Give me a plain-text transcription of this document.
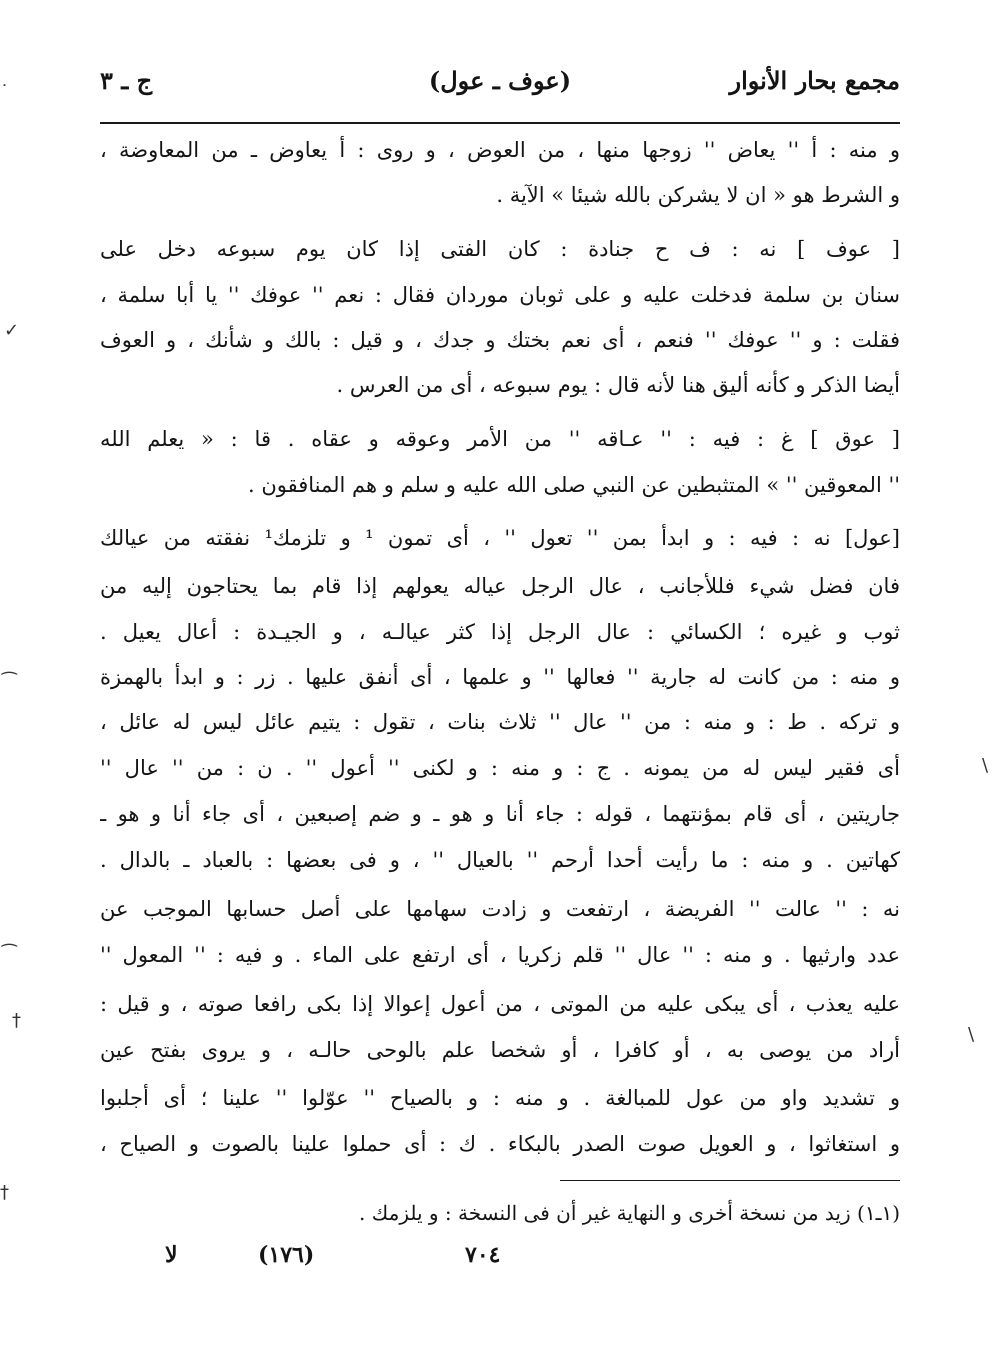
مجمع بحار الأنوار
(عوف ـ عول)
ج ـ ٣
و منه : أ '' يعاض '' زوجها منها ، من العوض ، و روى : أ يعاوض ـ من المعاوضة ،
و الشرط هو « ان لا يشركن بالله شيئا » الآية .
[ عوف ] نه : ف ح جنادة : كان الفتى إذا كان يوم سبوعه دخل على
سنان بن سلمة فدخلت عليه و على ثوبان موردان فقال : نعم '' عوفك '' يا أبا سلمة ،
فقلت : و '' عوفك '' فنعم ، أى نعم بختك و جدك ، و قيل : بالك و شأنك ، و العوف
أيضا الذكر و كأنه أليق هنا لأنه قال : يوم سبوعه ، أى من العرس .
[ عوق ] غ : فيه : '' عـاقه '' من الأمر وعوقه و عقاه . قا : « يعلم الله
'' المعوقين '' » المتثبطين عن النبي صلى الله عليه و سلم و هم المنافقون .
[عول] نه : فيه : و ابدأ بمن '' تعول '' ، أى تمون ¹ و تلزمك¹ نفقته من عيالك
فان فضل شيء فللأجانب ، عال الرجل عياله يعولهم إذا قام بما يحتاجون إليه من
ثوب و غيره ؛ الكسائي : عال الرجل إذا كثر عيالـه ، و الجيـدة : أعال يعيل .
و منه : من كانت له جارية '' فعالها '' و علمها ، أى أنفق عليها . زر : و ابدأ بالهمزة
و تركه . ط : و منه : من '' عال '' ثلاث بنات ، تقول : يتيم عائل ليس له عائل ،
أى فقير ليس له من يمونه . ج : و منه : و لكنى '' أعول '' . ن : من '' عال ''
جاريتين ، أى قام بمؤنتهما ، قوله : جاء أنا و هو ـ و ضم إصبعين ، أى جاء أنا و هو ـ
كهاتين . و منه : ما رأيت أحدا أرحم '' بالعيال '' ، و فى بعضها : بالعباد ـ بالدال .
نه : '' عالت '' الفريضة ، ارتفعت و زادت سهامها على أصل حسابها الموجب عن
عدد وارثيها . و منه : '' عال '' قلم زكريا ، أى ارتفع على الماء . و فيه : '' المعول ''
عليه يعذب ، أى يبكى عليه من الموتى ، من أعول إعوالا إذا بكى رافعا صوته ، و قيل :
أراد من يوصى به ، أو كافرا ، أو شخصا علم بالوحى حالـه ، و يروى بفتح عين
و تشديد واو من عول للمبالغة . و منه : و بالصياح '' عوّلوا '' علينا ؛ أى أجلبوا
و استغاثوا ، و العويل صوت الصدر بالبكاء . ك : أى حملوا علينا بالصوت و الصياح ،
(١ـ١) زيد من نسخة أخرى و النهاية غير أن فى النسخة : و يلزمك .
٧٠٤
(١٧٦)
لا
✓
⁀
⁀
†
†
\
\
˙
